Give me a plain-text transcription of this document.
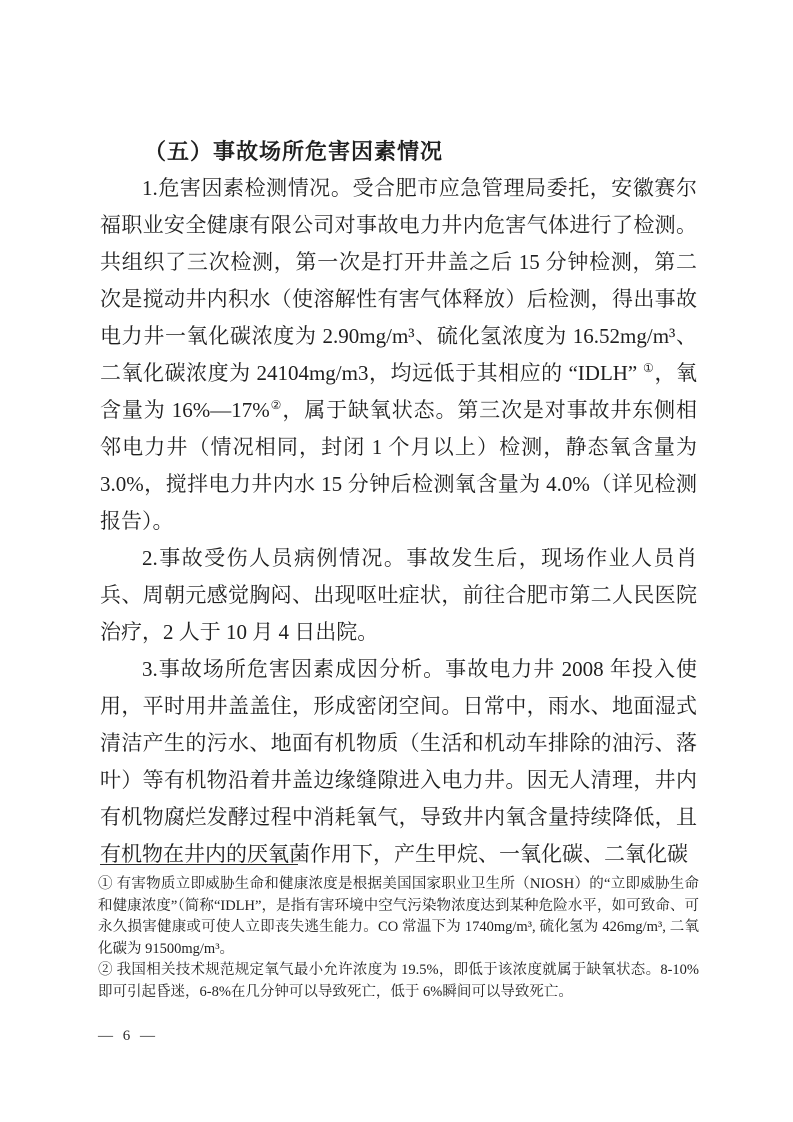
（五）事故场所危害因素情况

1.危害因素检测情况。受合肥市应急管理局委托，安徽赛尔福职业安全健康有限公司对事故电力井内危害气体进行了检测。共组织了三次检测，第一次是打开井盖之后 15 分钟检测，第二次是搅动井内积水（使溶解性有害气体释放）后检测，得出事故电力井一氧化碳浓度为 2.90mg/m³、硫化氢浓度为 16.52mg/m³、二氧化碳浓度为 24104mg/m3，均远低于其相应的 “IDLH” ①，氧含量为 16%—17%②，属于缺氧状态。第三次是对事故井东侧相邻电力井（情况相同，封闭 1 个月以上）检测，静态氧含量为 3.0%，搅拌电力井内水 15 分钟后检测氧含量为 4.0%（详见检测报告）。

2.事故受伤人员病例情况。事故发生后，现场作业人员肖兵、周朝元感觉胸闷、出现呕吐症状，前往合肥市第二人民医院治疗，2 人于 10 月 4 日出院。

3.事故场所危害因素成因分析。事故电力井 2008 年投入使用，平时用井盖盖住，形成密闭空间。日常中，雨水、地面湿式清洁产生的污水、地面有机物质（生活和机动车排除的油污、落叶）等有机物沿着井盖边缘缝隙进入电力井。因无人清理，井内有机物腐烂发酵过程中消耗氧气，导致井内氧含量持续降低，且有机物在井内的厌氧菌作用下，产生甲烷、一氧化碳、二氧化碳

① 有害物质立即威胁生命和健康浓度是根据美国国家职业卫生所（NIOSH）的“立即威胁生命和健康浓度”（简称“IDLH”，是指有害环境中空气污染物浓度达到某种危险水平，如可致命、可永久损害健康或可使人立即丧失逃生能力。CO 常温下为 1740mg/m³, 硫化氢为 426mg/m³, 二氧化碳为 91500mg/m³。

② 我国相关技术规范规定氧气最小允许浓度为 19.5%，即低于该浓度就属于缺氧状态。8-10%即可引起昏迷，6-8%在几分钟可以导致死亡，低于 6%瞬间可以导致死亡。

— 6 —
